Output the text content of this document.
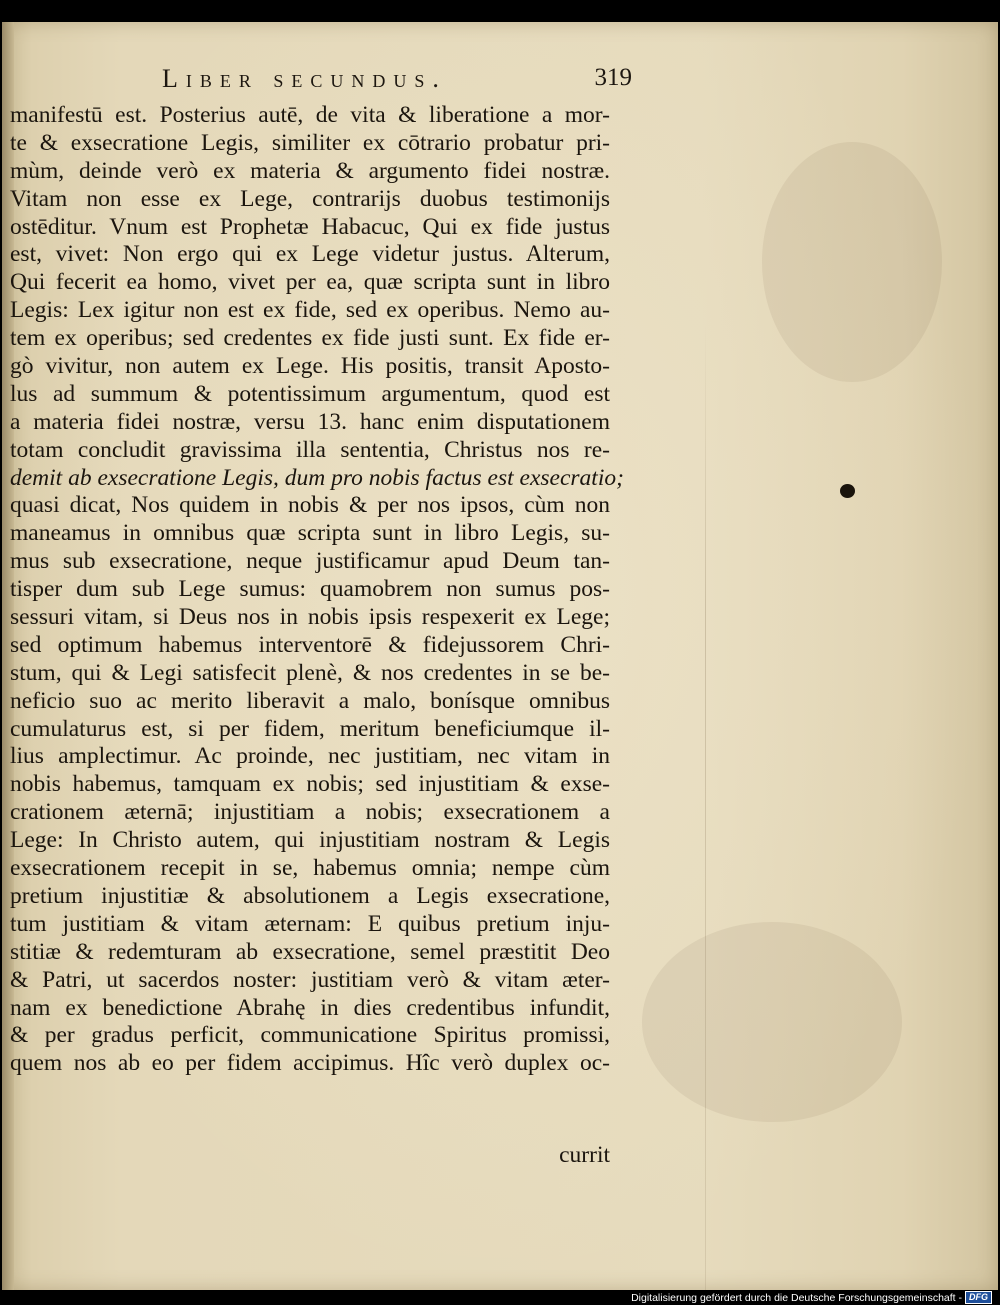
Liber secundus.	319
manifestū est. Posterius autē, de vita & liberatione a mor-
te & exsecratione Legis, similiter ex cōtrario probatur pri-
mùm, deinde verò ex materia & argumento fidei nostræ.
Vitam non esse ex Lege, contrarijs duobus testimonijs
ostēditur. Vnum est Prophetæ Habacuc, Qui ex fide justus
est, vivet: Non ergo qui ex Lege videtur justus. Alterum,
Qui fecerit ea homo, vivet per ea, quæ scripta sunt in libro
Legis: Lex igitur non est ex fide, sed ex operibus. Nemo au-
tem ex operibus; sed credentes ex fide justi sunt. Ex fide er-
gò vivitur, non autem ex Lege. His positis, transit Aposto-
lus ad summum & potentissimum argumentum, quod est
a materia fidei nostræ, versu 13. hanc enim disputationem
totam concludit gravissima illa sententia, Christus nos re-
demit ab exsecratione Legis, dum pro nobis factus est exsecratio;
quasi dicat, Nos quidem in nobis & per nos ipsos, cùm non
maneamus in omnibus quæ scripta sunt in libro Legis, su-
mus sub exsecratione, neque justificamur apud Deum tan-
tisper dum sub Lege sumus: quamobrem non sumus pos-
sessuri vitam, si Deus nos in nobis ipsis respexerit ex Lege;
sed optimum habemus interventorē & fidejussorem Chri-
stum, qui & Legi satisfecit plenè, & nos credentes in se be-
neficio suo ac merito liberavit a malo, bonísque omnibus
cumulaturus est, si per fidem, meritum beneficiumque il-
lius amplectimur. Ac proinde, nec justitiam, nec vitam in
nobis habemus, tamquam ex nobis; sed injustitiam & exse-
crationem æternā; injustitiam a nobis; exsecrationem a
Lege: In Christo autem, qui injustitiam nostram & Legis
exsecrationem recepit in se, habemus omnia; nempe cùm
pretium injustitiæ & absolutionem a Legis exsecratione,
tum justitiam & vitam æternam: E quibus pretium inju-
stitiæ & redemturam ab exsecratione, semel præstitit Deo
& Patri, ut sacerdos noster: justitiam verò & vitam æter-
nam ex benedictione Abrahę in dies credentibus infundit,
& per gradus perficit, communicatione Spiritus promissi,
quem nos ab eo per fidem accipimus. Hîc verò duplex oc-
currit
Digitalisierung gefördert durch die Deutsche Forschungsgemeinschaft - DFG
